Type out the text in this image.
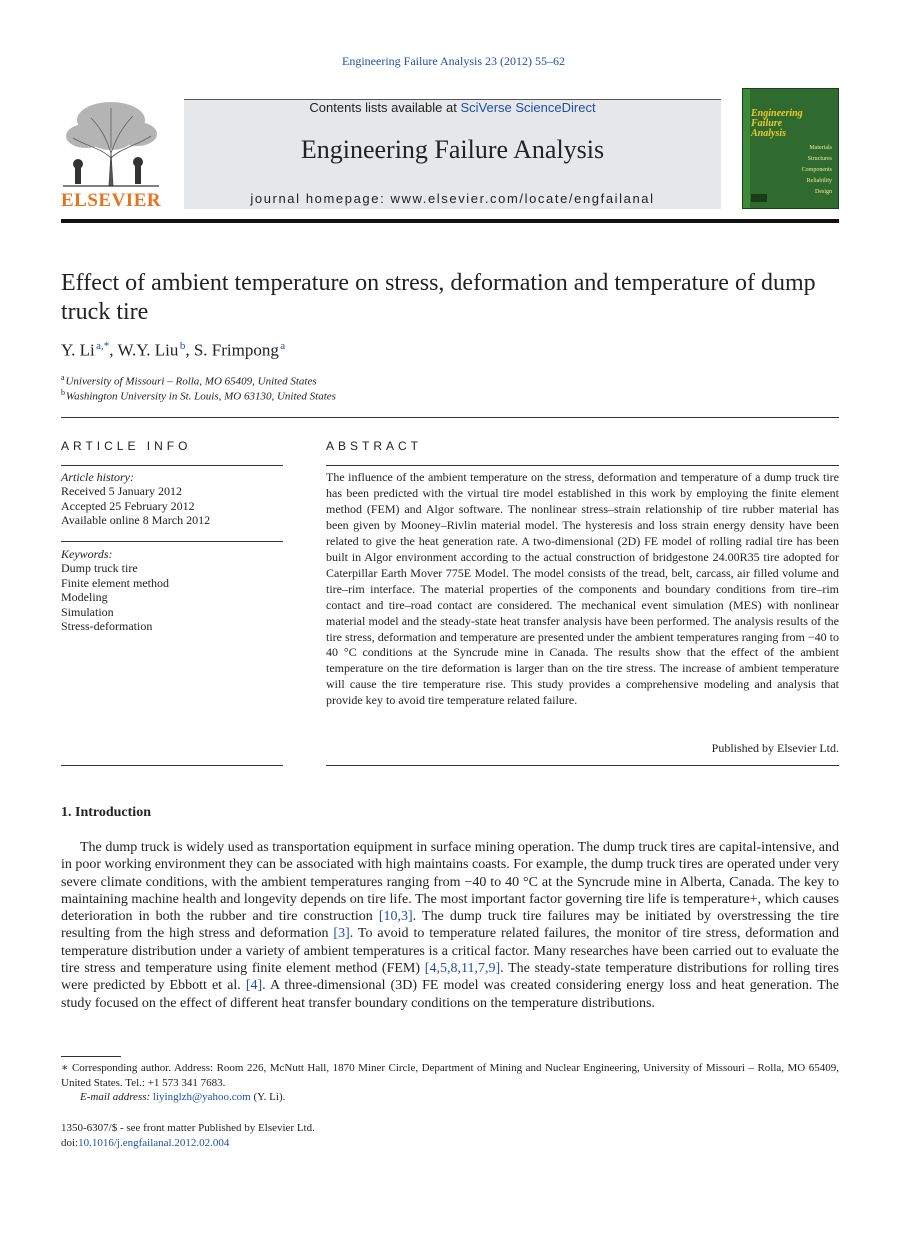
Engineering Failure Analysis 23 (2012) 55–62
ELSEVIER
Contents lists available at SciVerse ScienceDirect
Engineering Failure Analysis
journal homepage: www.elsevier.com/locate/engfailanal
Engineering
Failure
Analysis
Materials
Structures
Components
Reliability
Design
Effect of ambient temperature on stress, deformation and temperature of dump truck tire
Y. Li $^{a,*}$, W.Y. Liu $^b$, S. Frimpong $^a$
$^a$ University of Missouri – Rolla, MO 65409, United States
$^b$ Washington University in St. Louis, MO 63130, United States
ARTICLE INFO
Article history:
Received 5 January 2012
Accepted 25 February 2012
Available online 8 March 2012
Keywords:
Dump truck tire
Finite element method
Modeling
Simulation
Stress-deformation
ABSTRACT
The influence of the ambient temperature on the stress, deformation and temperature of a dump truck tire has been predicted with the virtual tire model established in this work by employing the finite element method (FEM) and Algor software. The nonlinear stress–strain relationship of tire rubber material has been given by Mooney–Rivlin material model. The hysteresis and loss strain energy density have been related to give the heat generation rate. A two-dimensional (2D) FE model of rolling radial tire has been built in Algor environment according to the actual construction of bridgestone 24.00R35 tire adopted for Caterpillar Earth Mover 775E Model. The model consists of the tread, belt, carcass, air filled volume and tire–rim interface. The material properties of the components and boundary conditions from tire–rim contact and tire–road contact are considered. The mechanical event simulation (MES) with nonlinear material model and the steady-state heat transfer analysis have been performed. The analysis results of the tire stress, deformation and temperature are presented under the ambient temperatures ranging from −40 to 40 °C conditions at the Syncrude mine in Canada. The results show that the effect of the ambient temperature on the tire deformation is larger than on the tire stress. The increase of ambient temperature will cause the tire temperature rise. This study provides a comprehensive modeling and analysis that provide key to avoid tire temperature related failure.
Published by Elsevier Ltd.
1. Introduction
The dump truck is widely used as transportation equipment in surface mining operation. The dump truck tires are capital-intensive, and in poor working environment they can be associated with high maintains coasts. For example, the dump truck tires are operated under very severe climate conditions, with the ambient temperatures ranging from −40 to 40 °C at the Syncrude mine in Alberta, Canada. The key to maintaining machine health and longevity depends on tire life. The most important factor governing tire life is temperature+, which causes deterioration in both the rubber and tire construction [10,3]. The dump truck tire failures may be initiated by overstressing the tire resulting from the high stress and deformation [3]. To avoid to temperature related failures, the monitor of tire stress, deformation and temperature distribution under a variety of ambient temperatures is a critical factor. Many researches have been carried out to evaluate the tire stress and temperature using finite element method (FEM) [4,5,8,11,7,9]. The steady-state temperature distributions for rolling tires were predicted by Ebbott et al. [4]. A three-dimensional (3D) FE model was created considering energy loss and heat generation. The study focused on the effect of different heat transfer boundary conditions on the temperature distributions.
∗ Corresponding author. Address: Room 226, McNutt Hall, 1870 Miner Circle, Department of Mining and Nuclear Engineering, University of Missouri – Rolla, MO 65409, United States. Tel.: +1 573 341 7683.
E-mail address: liyinglzh@yahoo.com (Y. Li).
1350-6307/$ - see front matter Published by Elsevier Ltd.
doi:10.1016/j.engfailanal.2012.02.004
